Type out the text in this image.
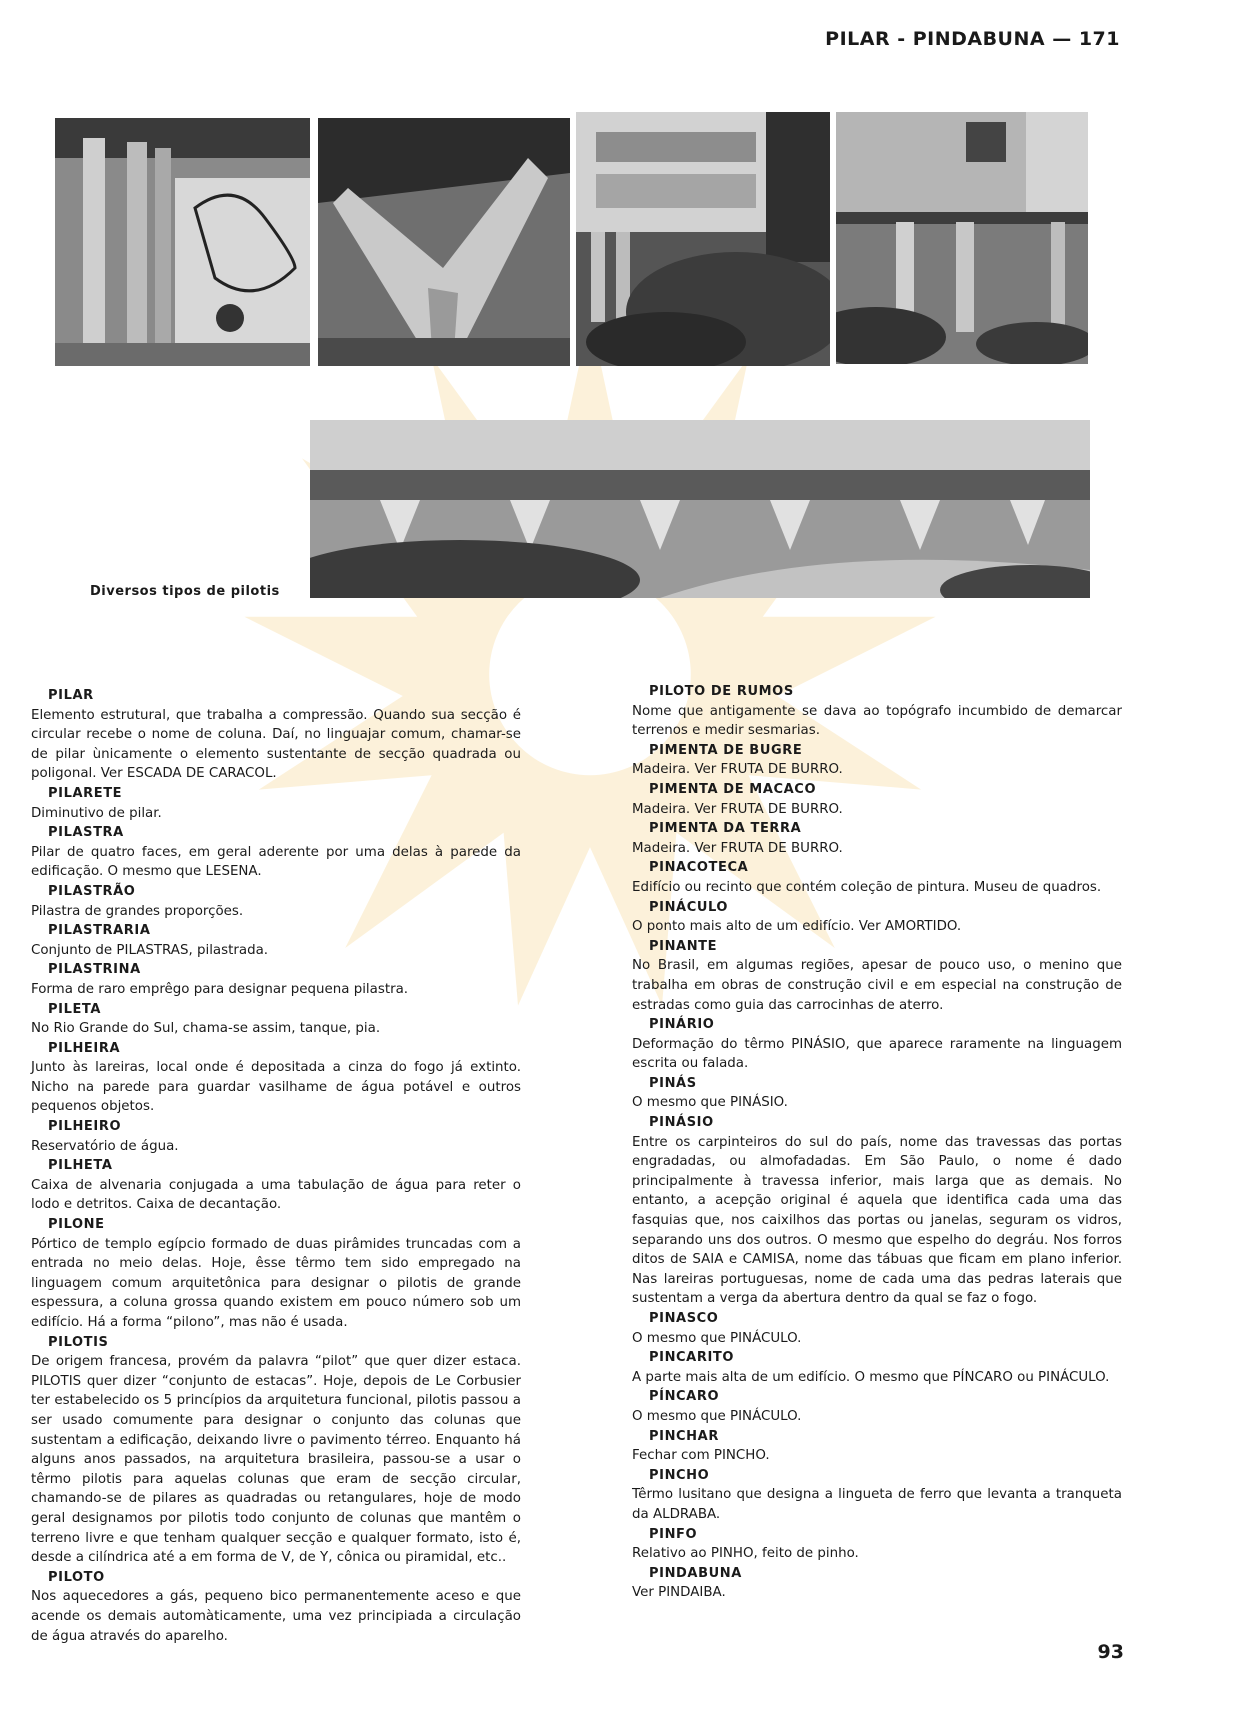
PILAR - PINDABUNA — 171
Diversos tipos de pilotis
PILAR
Elemento estrutural, que trabalha a compressão. Quando sua secção é circular recebe o nome de coluna. Daí, no linguajar comum, chamar-se de pilar ùnicamente o elemento sustentante de secção quadrada ou poligonal. Ver ESCADA DE CARACOL.
PILARETE
Diminutivo de pilar.
PILASTRA
Pilar de quatro faces, em geral aderente por uma delas à parede da edificação. O mesmo que LESENA.
PILASTRÃO
Pilastra de grandes proporções.
PILASTRARIA
Conjunto de PILASTRAS, pilastrada.
PILASTRINA
Forma de raro emprêgo para designar pequena pilastra.
PILETA
No Rio Grande do Sul, chama-se assim, tanque, pia.
PILHEIRA
Junto às lareiras, local onde é depositada a cinza do fogo já extinto. Nicho na parede para guardar vasilhame de água potável e outros pequenos objetos.
PILHEIRO
Reservatório de água.
PILHETA
Caixa de alvenaria conjugada a uma tabulação de água para reter o lodo e detritos. Caixa de decantação.
PILONE
Pórtico de templo egípcio formado de duas pirâmides truncadas com a entrada no meio delas. Hoje, êsse têrmo tem sido empregado na linguagem comum arquitetônica para designar o pilotis de grande espessura, a coluna grossa quando existem em pouco número sob um edifício. Há a forma “pilono”, mas não é usada.
PILOTIS
De origem francesa, provém da palavra “pilot” que quer dizer estaca. PILOTIS quer dizer “conjunto de estacas”. Hoje, depois de Le Corbusier ter estabelecido os 5 princípios da arquitetura funcional, pilotis passou a ser usado comumente para designar o conjunto das colunas que sustentam a edificação, deixando livre o pavimento térreo. Enquanto há alguns anos passados, na arquitetura brasileira, passou-se a usar o têrmo pilotis para aquelas colunas que eram de secção circular, chamando-se de pilares as quadradas ou retangulares, hoje de modo geral designamos por pilotis todo conjunto de colunas que mantêm o terreno livre e que tenham qualquer secção e qualquer formato, isto é, desde a cilíndrica até a em forma de V, de Y, cônica ou piramidal, etc..
PILOTO
Nos aquecedores a gás, pequeno bico permanentemente aceso e que acende os demais automàticamente, uma vez principiada a circulação de água através do aparelho.
PILOTO DE RUMOS
Nome que antigamente se dava ao topógrafo incumbido de demarcar terrenos e medir sesmarias.
PIMENTA DE BUGRE
Madeira. Ver FRUTA DE BURRO.
PIMENTA DE MACACO
Madeira. Ver FRUTA DE BURRO.
PIMENTA DA TERRA
Madeira. Ver FRUTA DE BURRO.
PINACOTECA
Edifício ou recinto que contém coleção de pintura. Museu de quadros.
PINÁCULO
O ponto mais alto de um edifício. Ver AMORTIDO.
PINANTE
No Brasil, em algumas regiões, apesar de pouco uso, o menino que trabalha em obras de construção civil e em especial na construção de estradas como guia das carrocinhas de aterro.
PINÁRIO
Deformação do têrmo PINÁSIO, que aparece raramente na linguagem escrita ou falada.
PINÁS
O mesmo que PINÁSIO.
PINÁSIO
Entre os carpinteiros do sul do país, nome das travessas das portas engradadas, ou almofadadas. Em São Paulo, o nome é dado principalmente à travessa inferior, mais larga que as demais. No entanto, a acepção original é aquela que identifica cada uma das fasquias que, nos caixilhos das portas ou janelas, seguram os vidros, separando uns dos outros. O mesmo que espelho do degráu. Nos forros ditos de SAIA e CAMISA, nome das tábuas que ficam em plano inferior. Nas lareiras portuguesas, nome de cada uma das pedras laterais que sustentam a verga da abertura dentro da qual se faz o fogo.
PINASCO
O mesmo que PINÁCULO.
PINCARITO
A parte mais alta de um edifício. O mesmo que PÍNCARO ou PINÁCULO.
PÍNCARO
O mesmo que PINÁCULO.
PINCHAR
Fechar com PINCHO.
PINCHO
Têrmo lusitano que designa a lingueta de ferro que levanta a tranqueta da ALDRABA.
PINFO
Relativo ao PINHO, feito de pinho.
PINDABUNA
Ver PINDAIBA.
93
